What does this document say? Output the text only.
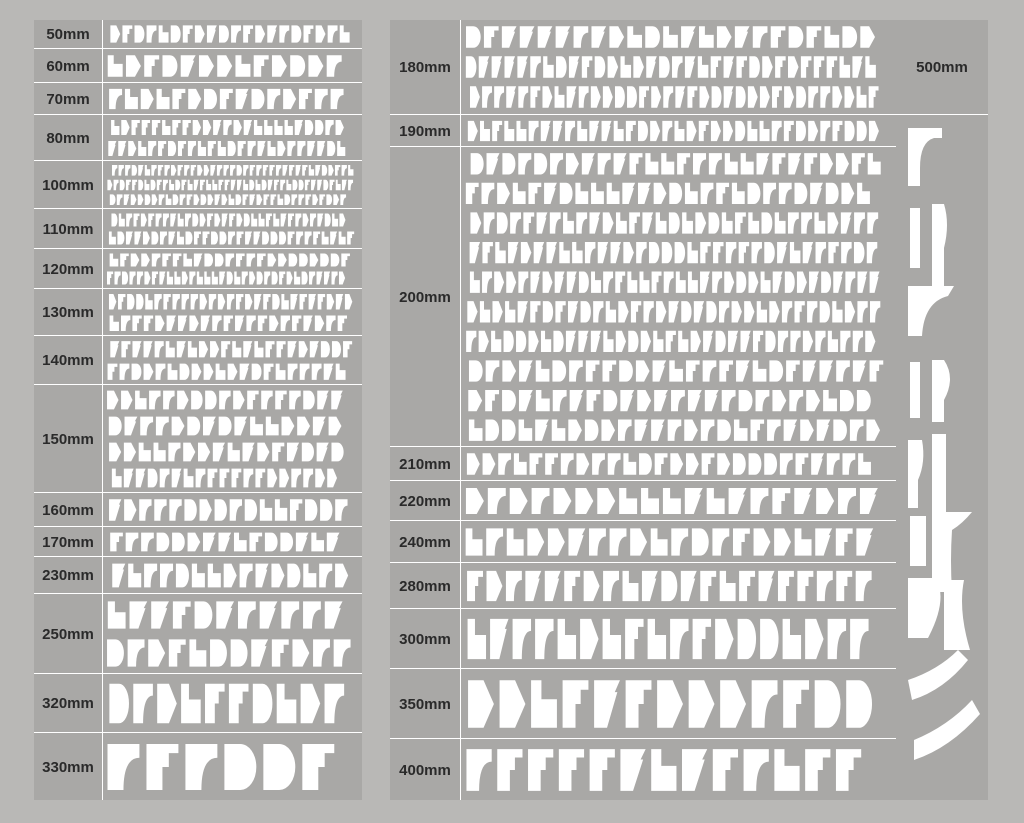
50mm
60mm
70mm
80mm
100mm
110mm
120mm
130mm
140mm
150mm
160mm
170mm
230mm
250mm
320mm
330mm
180mm
190mm
200mm
210mm
220mm
240mm
280mm
300mm
350mm
400mm
500mm
